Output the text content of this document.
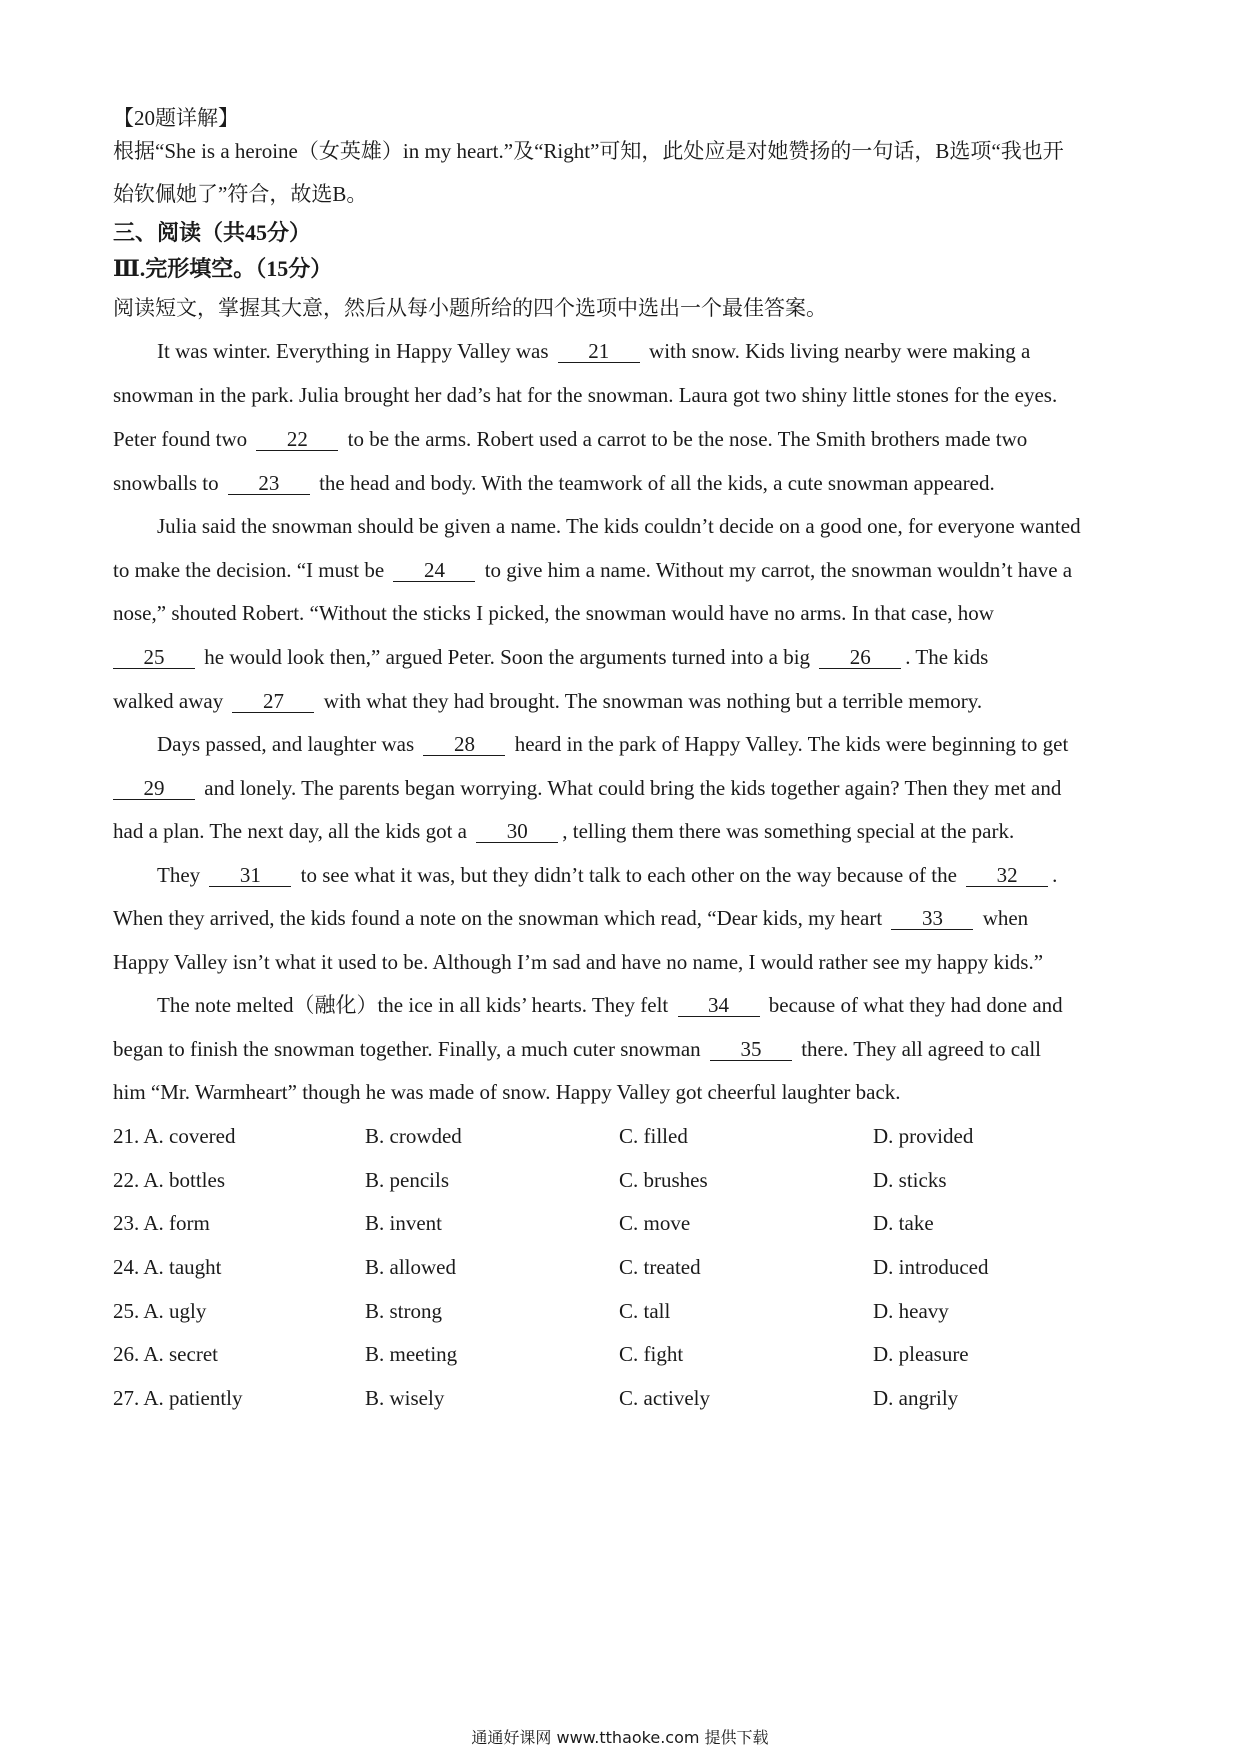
【20题详解】
根据“She is a heroine（女英雄）in my heart.”及“Right”可知，此处应是对她赞扬的一句话，B选项“我也开
始钦佩她了”符合，故选B。
三、阅读（共45分）
Ⅲ.完形填空。（15分）
阅读短文，掌握其大意，然后从每小题所给的四个选项中选出一个最佳答案。
It was winter. Everything in Happy Valley was 21 with snow. Kids living nearby were making a
snowman in the park. Julia brought her dad’s hat for the snowman. Laura got two shiny little stones for the eyes.
Peter found two 22 to be the arms. Robert used a carrot to be the nose. The Smith brothers made two
snowballs to 23 the head and body. With the teamwork of all the kids, a cute snowman appeared.
Julia said the snowman should be given a name. The kids couldn’t decide on a good one, for everyone wanted
to make the decision. “I must be 24 to give him a name. Without my carrot, the snowman wouldn’t have a
nose,” shouted Robert. “Without the sticks I picked, the snowman would have no arms. In that case, how
25 he would look then,” argued Peter. Soon the arguments turned into a big 26 . The kids
walked away 27 with what they had brought. The snowman was nothing but a terrible memory.
Days passed, and laughter was 28 heard in the park of Happy Valley. The kids were beginning to get
29 and lonely. The parents began worrying. What could bring the kids together again? Then they met and
had a plan. The next day, all the kids got a 30 , telling them there was something special at the park.
They 31 to see what it was, but they didn’t talk to each other on the way because of the 32 .
When they arrived, the kids found a note on the snowman which read, “Dear kids, my heart 33 when
Happy Valley isn’t what it used to be. Although I’m sad and have no name, I would rather see my happy kids.”
The note melted（融化）the ice in all kids’ hearts. They felt 34 because of what they had done and
began to finish the snowman together. Finally, a much cuter snowman 35 there. They all agreed to call
him “Mr. Warmheart” though he was made of snow. Happy Valley got cheerful laughter back.
21. A. covered	B. crowded	C. filled	D. provided
22. A. bottles	B. pencils	C. brushes	D. sticks
23. A. form	B. invent	C. move	D. take
24. A. taught	B. allowed	C. treated	D. introduced
25. A. ugly	B. strong	C. tall	D. heavy
26. A. secret	B. meeting	C. fight	D. pleasure
27. A. patiently	B. wisely	C. actively	D. angrily
通通好课网 www.tthaoke.com 提供下载
